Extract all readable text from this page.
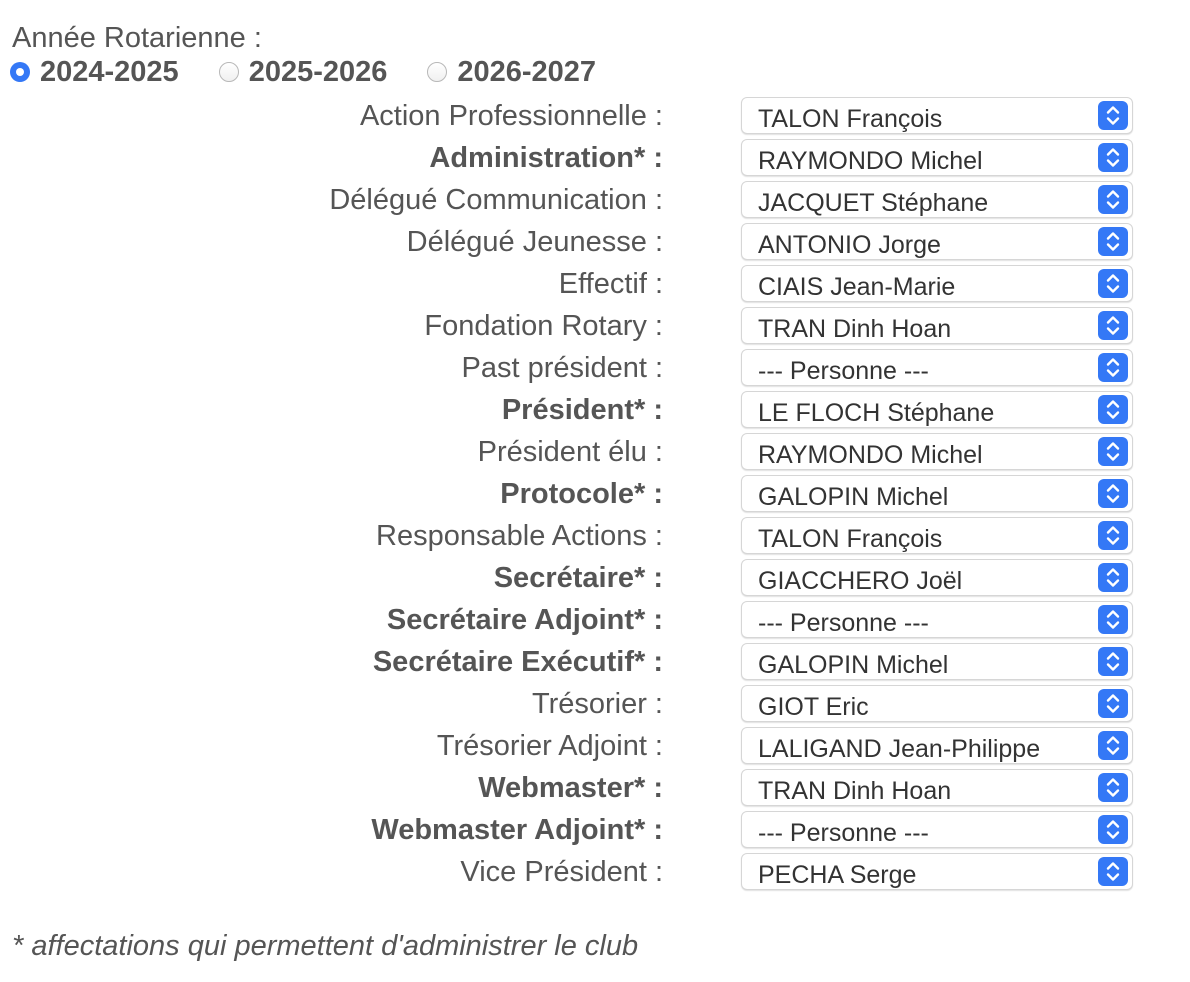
Année Rotarienne :
2024-2025 2025-2026 2026-2027
Action Professionnelle :	TALON François
Administration* :	RAYMONDO Michel
Délégué Communication :	JACQUET Stéphane
Délégué Jeunesse :	ANTONIO Jorge
Effectif :	CIAIS Jean-Marie
Fondation Rotary :	TRAN Dinh Hoan
Past président :	--- Personne ---
Président* :	LE FLOCH Stéphane
Président élu :	RAYMONDO Michel
Protocole* :	GALOPIN Michel
Responsable Actions :	TALON François
Secrétaire* :	GIACCHERO Joël
Secrétaire Adjoint* :	--- Personne ---
Secrétaire Exécutif* :	GALOPIN Michel
Trésorier :	GIOT Eric
Trésorier Adjoint :	LALIGAND Jean-Philippe
Webmaster* :	TRAN Dinh Hoan
Webmaster Adjoint* :	--- Personne ---
Vice Président :	PECHA Serge
* affectations qui permettent d'administrer le club
